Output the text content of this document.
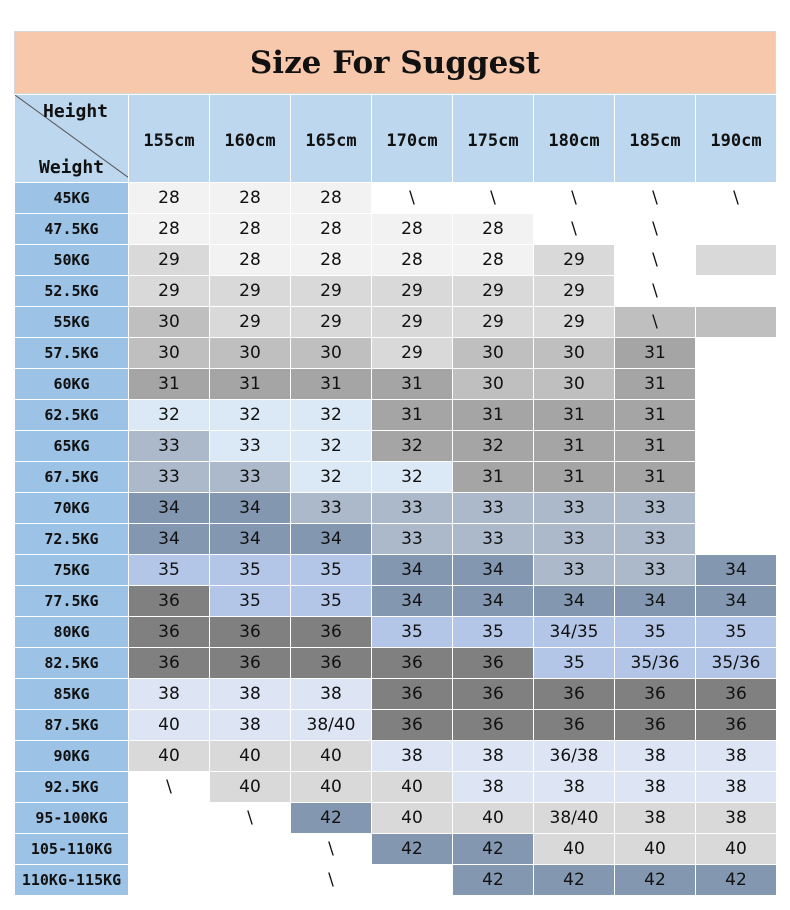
Size For Suggest
Height
Weight	155cm	160cm	165cm	170cm	175cm	180cm	185cm	190cm
45KG	28	28	28	\	\	\	\	\
47.5KG	28	28	28	28	28	\	\	
50KG	29	28	28	28	28	29	\	
52.5KG	29	29	29	29	29	29	\	
55KG	30	29	29	29	29	29	\	
57.5KG	30	30	30	29	30	30	31	
60KG	31	31	31	31	30	30	31	
62.5KG	32	32	32	31	31	31	31	
65KG	33	33	32	32	32	31	31	
67.5KG	33	33	32	32	31	31	31	
70KG	34	34	33	33	33	33	33	
72.5KG	34	34	34	33	33	33	33	
75KG	35	35	35	34	34	33	33	34
77.5KG	36	35	35	34	34	34	34	34
80KG	36	36	36	35	35	34/35	35	35
82.5KG	36	36	36	36	36	35	35/36	35/36
85KG	38	38	38	36	36	36	36	36
87.5KG	40	38	38/40	36	36	36	36	36
90KG	40	40	40	38	38	36/38	38	38
92.5KG	\	40	40	40	38	38	38	38
95-100KG		\	42	40	40	38/40	38	38
105-110KG			\	42	42	40	40	40
110KG-115KG			\		42	42	42	42
